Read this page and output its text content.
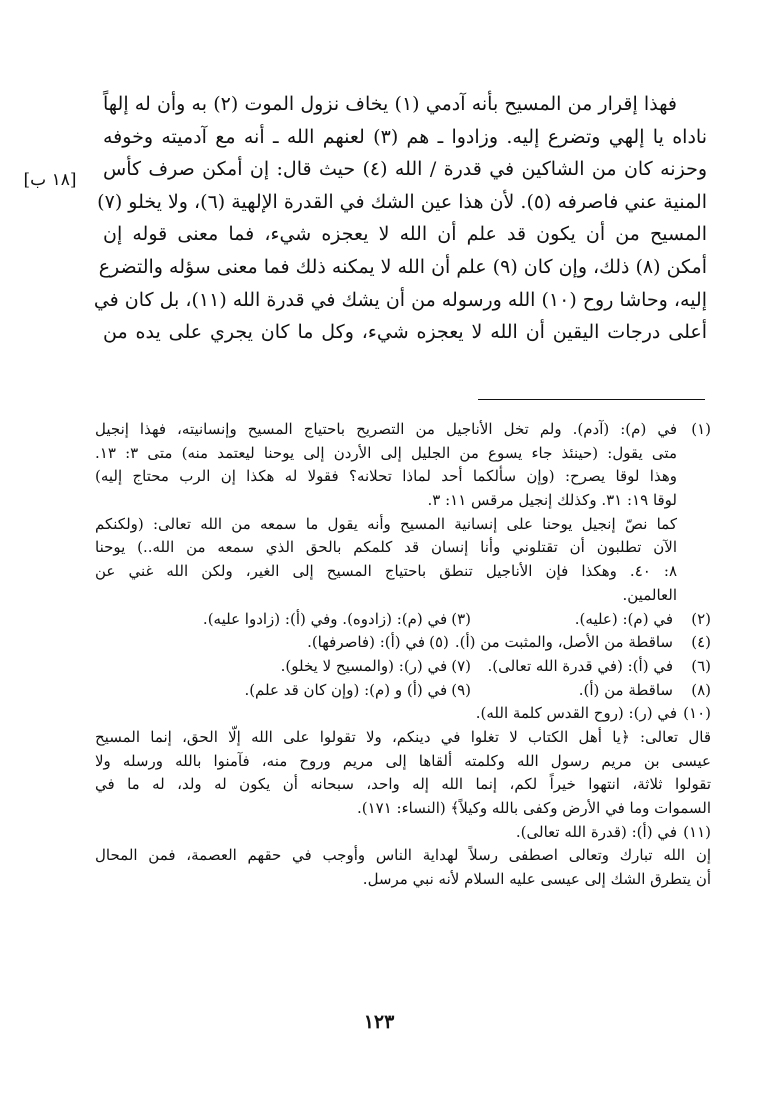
[١٨ ب]
فهذا إقرار من المسيح بأنه آدمي (١) يخاف نزول الموت (٢) به وأن له إلهاً
ناداه يا إلهي وتضرع إليه. وزادوا ـ هم (٣) لعنهم الله ـ أنه مع آدميته وخوفه
وحزنه كان من الشاكين في قدرة / الله (٤) حيث قال: إن أمكن صرف كأس
المنية عني فاصرفه (٥). لأن هذا عين الشك في القدرة الإلهية (٦)، ولا يخلو (٧)
المسيح من أن يكون قد علم أن الله لا يعجزه شيء، فما معنى قوله إن
أمكن (٨) ذلك، وإن كان (٩) علم أن الله لا يمكنه ذلك فما معنى سؤله والتضرع
إليه، وحاشا روح (١٠) الله ورسوله من أن يشك في قدرة الله (١١)، بل كان في
أعلى درجات اليقين أن الله لا يعجزه شيء، وكل ما كان يجري على يده من
(١)
في (م): (آدم). ولم تخل الأناجيل من التصريح باحتياج المسيح وإنسانيته، فهذا إنجيل
متى يقول: (حينئذ جاء يسوع من الجليل إلى الأردن إلى يوحنا ليعتمد منه) متى ٣: ١٣.
وهذا لوقا يصرح: (وإن سألكما أحد لماذا تحلانه؟ فقولا له هكذا إن الرب محتاج إليه)
لوقا ١٩: ٣١. وكذلك إنجيل مرقس ١١: ٣.
كما نصّ إنجيل يوحنا على إنسانية المسيح وأنه يقول ما سمعه من الله تعالى: (ولكنكم
الآن تطلبون أن تقتلوني وأنا إنسان قد كلمكم بالحق الذي سمعه من الله..) يوحنا
٨: ٤٠. وهكذا فإن الأناجيل تنطق باحتياج المسيح إلى الغير، ولكن الله غني عن
العالمين.
(٢)
في (م): (عليه).
(٣)
في (م): (زادوه). وفي (أ): (زادوا عليه).
(٤)
ساقطة من الأصل، والمثبت من (أ).
(٥)
في (أ): (فاصرفها).
(٦)
في (أ): (في قدرة الله تعالى).
(٧)
في (ر): (والمسيح لا يخلو).
(٨)
ساقطة من (أ).
(٩)
في (أ) و (م): (وإن كان قد علم).
(١٠)
في (ر): (روح القدس كلمة الله).
قال تعالى: ﴿يا أهل الكتاب لا تغلوا في دينكم، ولا تقولوا على الله إلّا الحق، إنما المسيح
عيسى بن مريم رسول الله وكلمته ألقاها إلى مريم وروح منه، فآمنوا بالله ورسله ولا
تقولوا ثلاثة، انتهوا خيراً لكم، إنما الله إله واحد، سبحانه أن يكون له ولد، له ما في
السموات وما في الأرض وكفى بالله وكيلاً﴾ (النساء: ١٧١).
(١١)
في (أ): (قدرة الله تعالى).
إن الله تبارك وتعالى اصطفى رسلاً لهداية الناس وأوجب في حقهم العصمة، فمن المحال
أن يتطرق الشك إلى عيسى عليه السلام لأنه نبي مرسل.
١٢٣
